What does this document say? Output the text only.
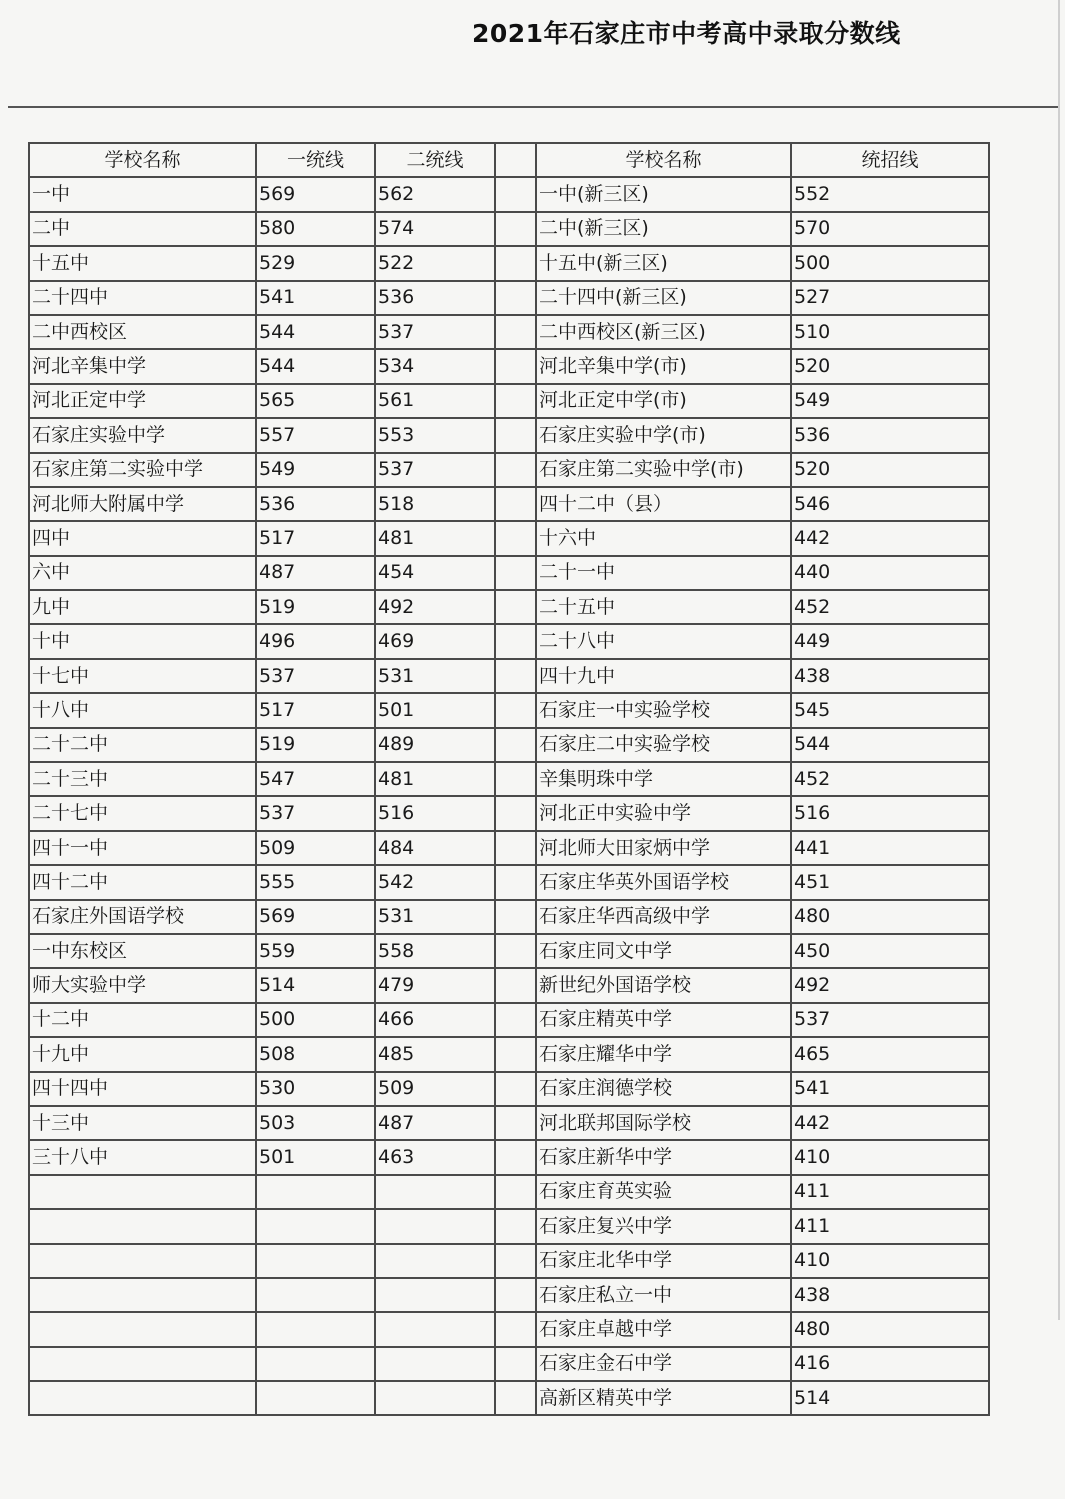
2021年石家庄市中考高中录取分数线
学校名称	一统线	二统线		学校名称	统招线
一中	569	562		一中(新三区)	552
二中	580	574		二中(新三区)	570
十五中	529	522		十五中(新三区)	500
二十四中	541	536		二十四中(新三区)	527
二中西校区	544	537		二中西校区(新三区)	510
河北辛集中学	544	534		河北辛集中学(市)	520
河北正定中学	565	561		河北正定中学(市)	549
石家庄实验中学	557	553		石家庄实验中学(市)	536
石家庄第二实验中学	549	537		石家庄第二实验中学(市)	520
河北师大附属中学	536	518		四十二中（县）	546
四中	517	481		十六中	442
六中	487	454		二十一中	440
九中	519	492		二十五中	452
十中	496	469		二十八中	449
十七中	537	531		四十九中	438
十八中	517	501		石家庄一中实验学校	545
二十二中	519	489		石家庄二中实验学校	544
二十三中	547	481		辛集明珠中学	452
二十七中	537	516		河北正中实验中学	516
四十一中	509	484		河北师大田家炳中学	441
四十二中	555	542		石家庄华英外国语学校	451
石家庄外国语学校	569	531		石家庄华西高级中学	480
一中东校区	559	558		石家庄同文中学	450
师大实验中学	514	479		新世纪外国语学校	492
十二中	500	466		石家庄精英中学	537
十九中	508	485		石家庄耀华中学	465
四十四中	530	509		石家庄润德学校	541
十三中	503	487		河北联邦国际学校	442
三十八中	501	463		石家庄新华中学	410
				石家庄育英实验	411
				石家庄复兴中学	411
				石家庄北华中学	410
				石家庄私立一中	438
				石家庄卓越中学	480
				石家庄金石中学	416
				高新区精英中学	514
